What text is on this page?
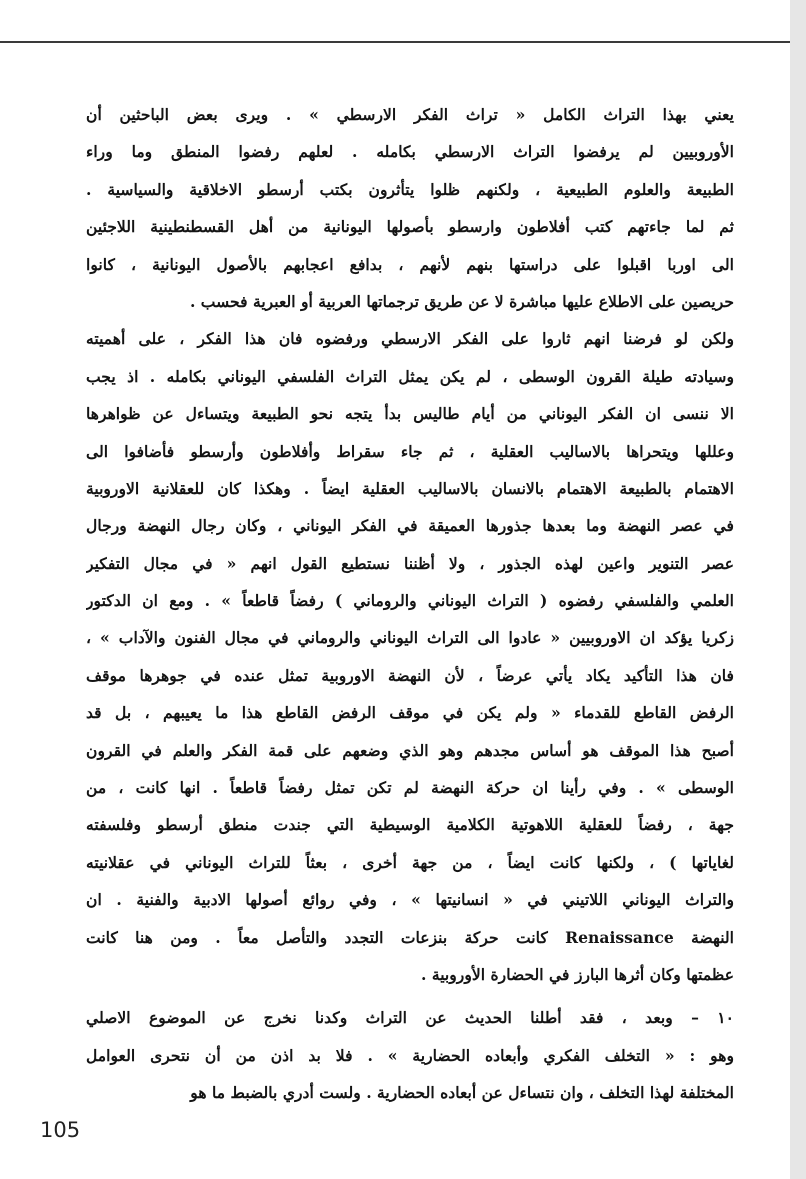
يعني بهذا التراث الكامل « تراث الفكر الارسطي » . ويرى بعض الباحثين أن
الأوروبيين لم يرفضوا التراث الارسطي بكامله . لعلهم رفضوا المنطق وما وراء
الطبيعة والعلوم الطبيعية ، ولكنهم ظلوا يتأثرون بكتب أرسطو الاخلاقية والسياسية .
ثم لما جاءتهم كتب أفلاطون وارسطو بأصولها اليونانية من أهل القسطنطينية اللاجئين
الى اوربا اقبلوا على دراستها بنهم لأنهم ، بدافع اعجابهم بالأصول اليونانية ، كانوا
حريصين على الاطلاع عليها مباشرة لا عن طريق ترجماتها العربية أو العبرية فحسب .
ولكن لو فرضنا انهم ثاروا على الفكر الارسطي ورفضوه فان هذا الفكر ، على أهميته
وسيادته طيلة القرون الوسطى ، لم يكن يمثل التراث الفلسفي اليوناني بكامله . اذ يجب
الا ننسى ان الفكر اليوناني من أيام طاليس بدأ يتجه نحو الطبيعة ويتساءل عن ظواهرها
وعللها ويتحراها بالاساليب العقلية ، ثم جاء سقراط وأفلاطون وأرسطو فأضافوا الى
الاهتمام بالطبيعة الاهتمام بالانسان بالاساليب العقلية ايضاً . وهكذا كان للعقلانية الاوروبية
في عصر النهضة وما بعدها جذورها العميقة في الفكر اليوناني ، وكان رجال النهضة ورجال
عصر التنوير واعين لهذه الجذور ، ولا أظننا نستطيع القول انهم « في مجال التفكير
العلمي والفلسفي رفضوه ( التراث اليوناني والروماني ) رفضاً قاطعاً » . ومع ان الدكتور
زكريا يؤكد ان الاوروبيين « عادوا الى التراث اليوناني والروماني في مجال الفنون والآداب » ،
فان هذا التأكيد يكاد يأتي عرضاً ، لأن النهضة الاوروبية تمثل عنده في جوهرها موقف
الرفض القاطع للقدماء « ولم يكن في موقف الرفض القاطع هذا ما يعيبهم ، بل قد
أصبح هذا الموقف هو أساس مجدهم وهو الذي وضعهم على قمة الفكر والعلم في القرون
الوسطى » . وفي رأينا ان حركة النهضة لم تكن تمثل رفضاً قاطعاً . انها كانت ، من
جهة ، رفضاً للعقلية اللاهوتية الكلامية الوسيطية التي جندت منطق أرسطو وفلسفته
لغاياتها ) ، ولكنها كانت ايضاً ، من جهة أخرى ، بعثاً للتراث اليوناني في عقلانيته
والتراث اليوناني اللاتيني في « انسانيتها » ، وفي روائع أصولها الادبية والفنية . ان
النهضة Renaissance كانت حركة بنزعات التجدد والتأصل معاً . ومن هنا كانت
عظمتها وكان أثرها البارز في الحضارة الأوروبية .
١٠ – وبعد ، فقد أطلنا الحديث عن التراث وكدنا نخرج عن الموضوع الاصلي
وهو : « التخلف الفكري وأبعاده الحضارية » . فلا بد اذن من أن نتحرى العوامل
المختلفة لهذا التخلف ، وان نتساءل عن أبعاده الحضارية . ولست أدري بالضبط ما هو
105
